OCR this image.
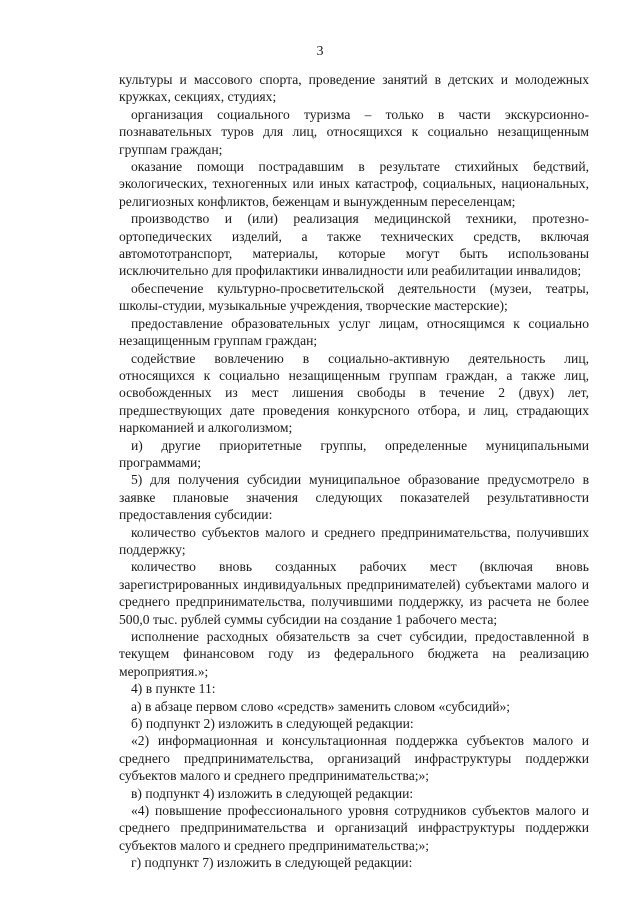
3

культуры и массового спорта, проведение занятий в детских и молодежных кружках, секциях, студиях;

организация социального туризма – только в части экскурсионно-познавательных туров для лиц, относящихся к социально незащищенным группам граждан;

оказание помощи пострадавшим в результате стихийных бедствий, экологических, техногенных или иных катастроф, социальных, национальных, религиозных конфликтов, беженцам и вынужденным переселенцам;

производство и (или) реализация медицинской техники, протезно-ортопедических изделий, а также технических средств, включая автомототранспорт, материалы, которые могут быть использованы исключительно для профилактики инвалидности или реабилитации инвалидов;

обеспечение культурно-просветительской деятельности (музеи, театры, школы-студии, музыкальные учреждения, творческие мастерские);

предоставление образовательных услуг лицам, относящимся к социально незащищенным группам граждан;

содействие вовлечению в социально-активную деятельность лиц, относящихся к социально незащищенным группам граждан, а также лиц, освобожденных из мест лишения свободы в течение 2 (двух) лет, предшествующих дате проведения конкурсного отбора, и лиц, страдающих наркоманией и алкоголизмом;

и) другие приоритетные группы, определенные муниципальными программами;

5) для получения субсидии муниципальное образование предусмотрело в заявке плановые значения следующих показателей результативности предоставления субсидии:

количество субъектов малого и среднего предпринимательства, получивших поддержку;

количество вновь созданных рабочих мест (включая вновь зарегистрированных индивидуальных предпринимателей) субъектами малого и среднего предпринимательства, получившими поддержку, из расчета не более 500,0 тыс. рублей суммы субсидии на создание 1 рабочего места;

исполнение расходных обязательств за счет субсидии, предоставленной в текущем финансовом году из федерального бюджета на реализацию мероприятия.»;

4) в пункте 11:

а) в абзаце первом слово «средств» заменить словом «субсидий»;

б) подпункт 2) изложить в следующей редакции:

«2) информационная и консультационная поддержка субъектов малого и среднего предпринимательства, организаций инфраструктуры поддержки субъектов малого и среднего предпринимательства;»;

в) подпункт 4) изложить в следующей редакции:

«4) повышение профессионального уровня сотрудников субъектов малого и среднего предпринимательства и организаций инфраструктуры поддержки субъектов малого и среднего предпринимательства;»;

г) подпункт 7) изложить в следующей редакции:
